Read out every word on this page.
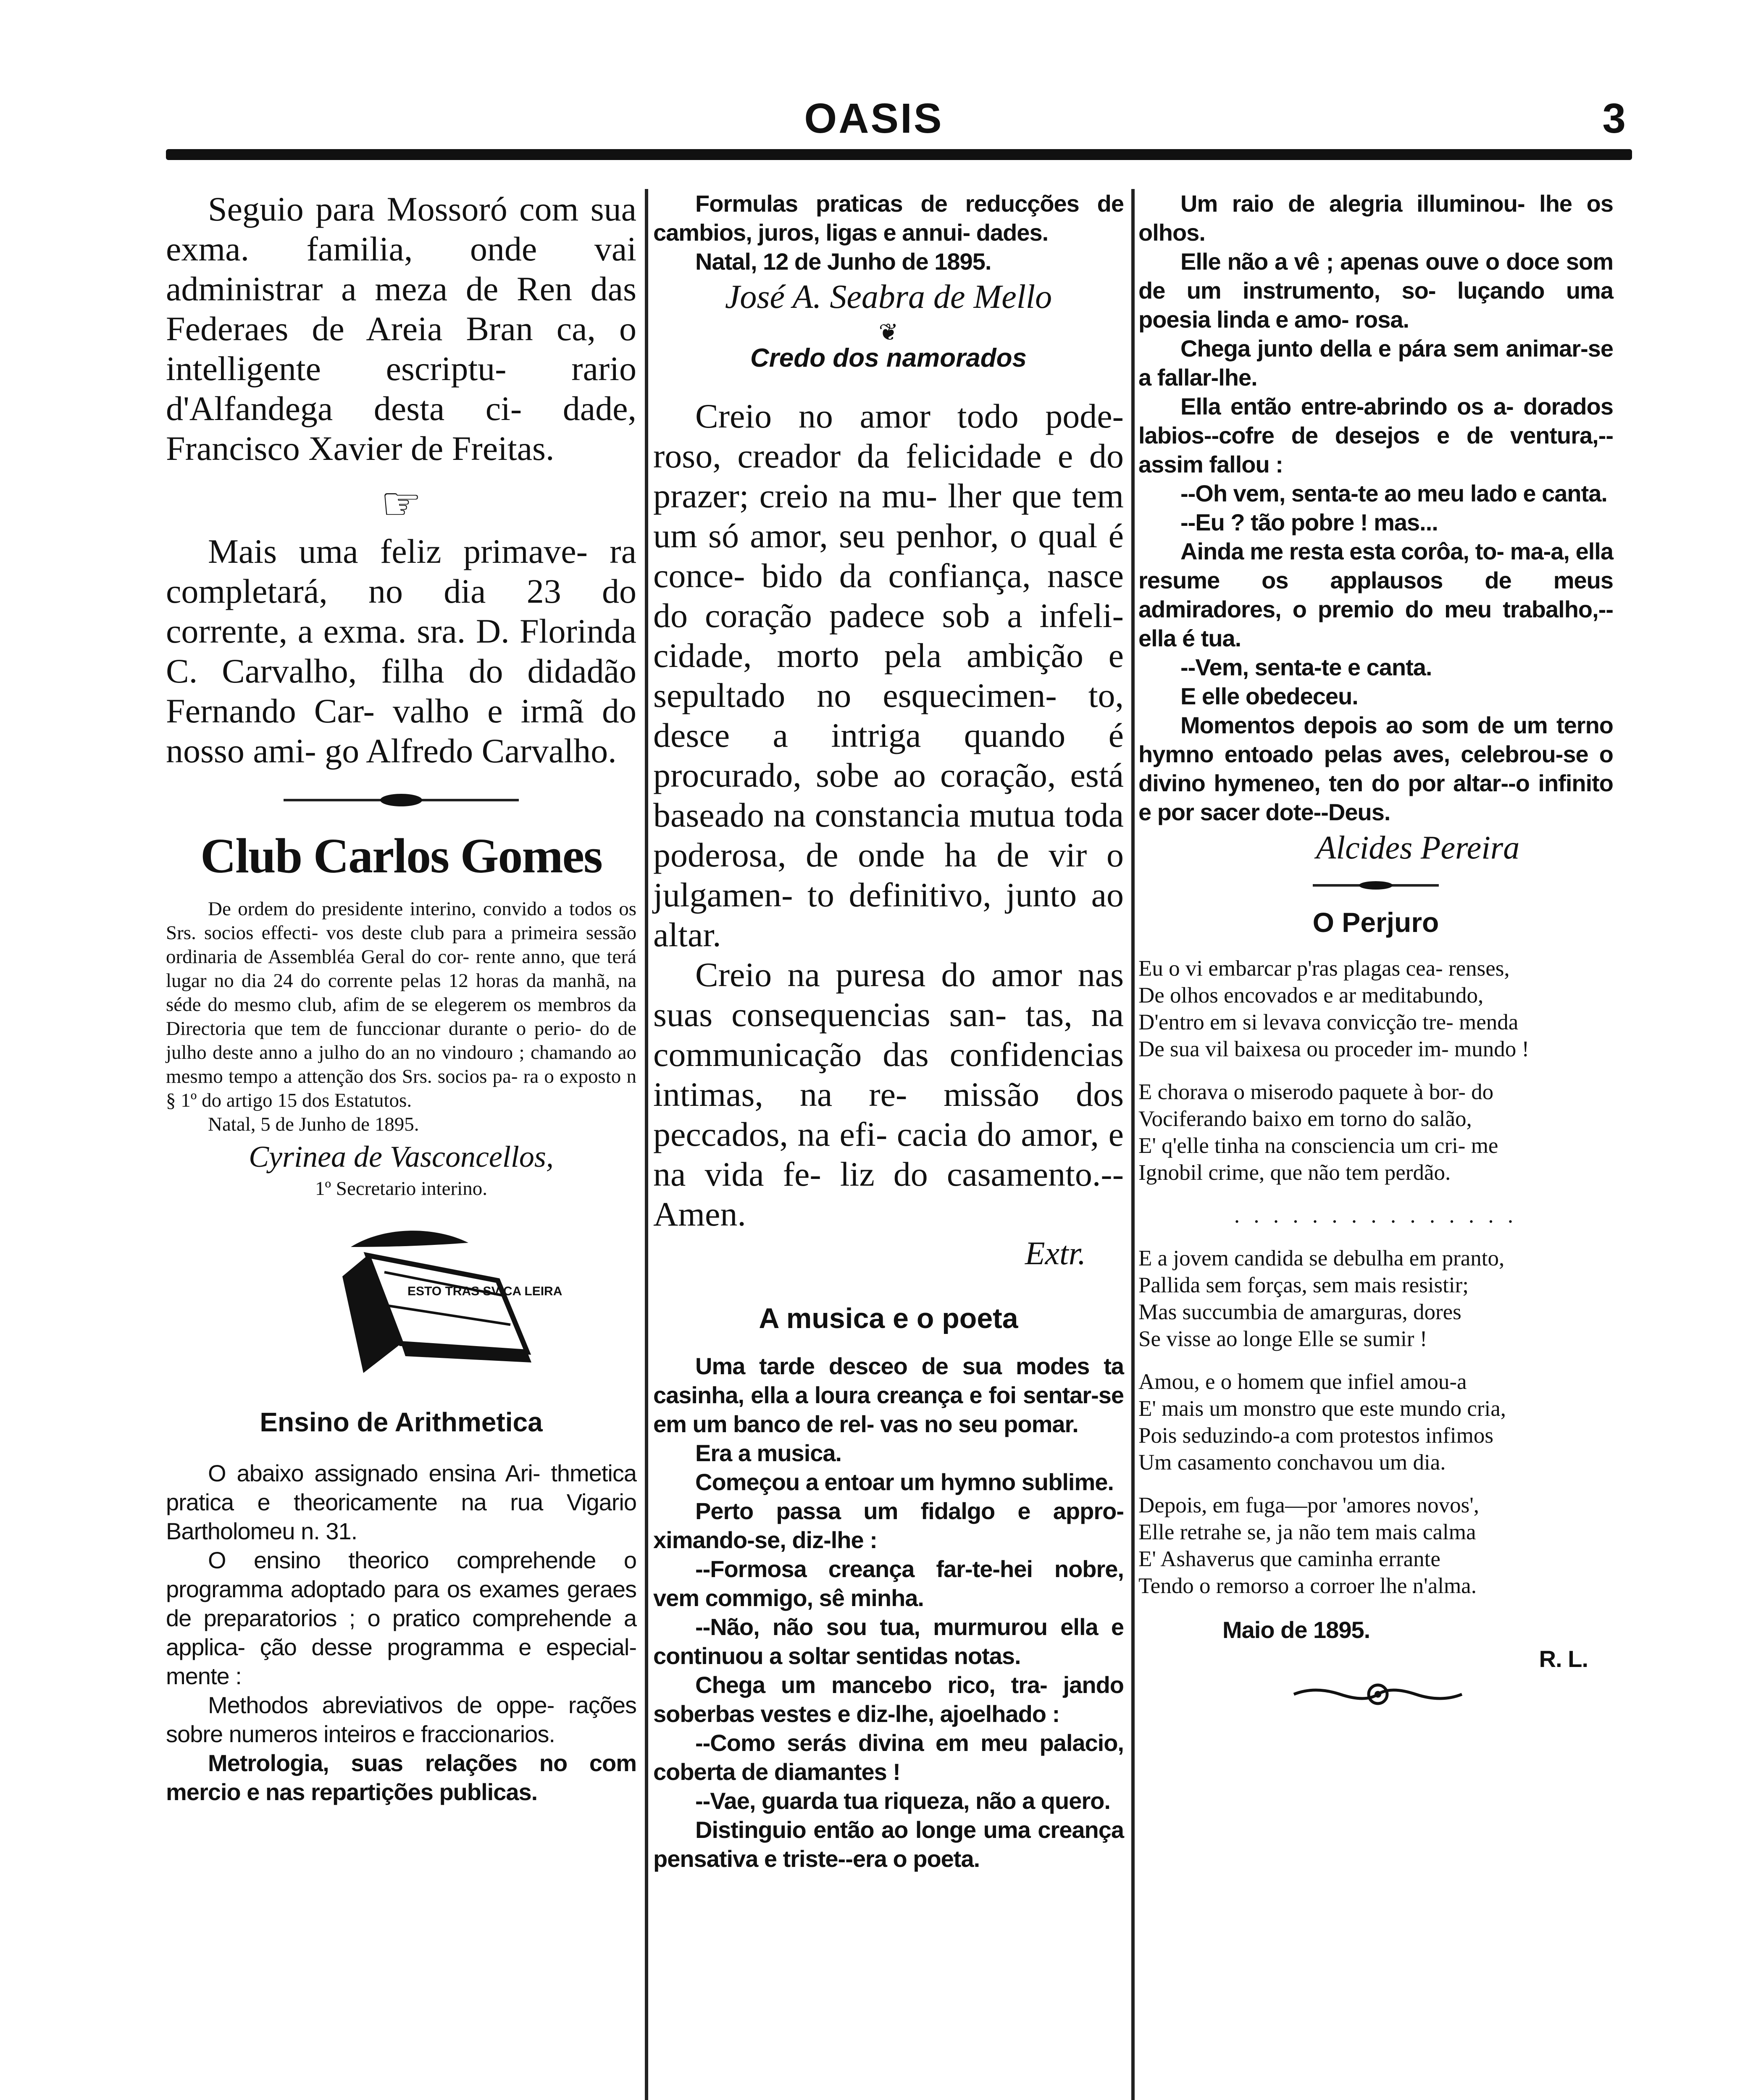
OASIS	3

Seguio para Mossoró com sua exma. familia, onde vai administrar a meza de Ren das Federaes de Areia Bran ca, o intelligente escriptu- rario d'Alfandega desta ci- dade, Francisco Xavier de Freitas.

☞

Mais uma feliz primave- ra completará, no dia 23 do corrente, a exma. sra. D. Florinda C. Carvalho, filha do didadão Fernando Car- valho e irmã do nosso ami- go Alfredo Carvalho.

Club Carlos Gomes

De ordem do presidente interino, convido a todos os Srs. socios effecti- vos deste club para a primeira sessão ordinaria de Assembléa Geral do cor- rente anno, que terá lugar no dia 24 do corrente pelas 12 horas da manhã, na séde do mesmo club, afim de se elegerem os membros da Directoria que tem de funccionar durante o perio- do de julho deste anno a julho do an no vindouro ; chamando ao mesmo tempo a attenção dos Srs. socios pa- ra o exposto n § 1º do artigo 15 dos Estatutos.

Natal, 5 de Junho de 1895.

Cyrinea de Vasconcellos,

1º Secretario interino.

ESTO TRAS SVICA LEIRA

Ensino de Arithmetica

O abaixo assignado ensina Ari- thmetica pratica e theoricamente na rua Vigario Bartholomeu n. 31.

O ensino theorico comprehende o programma adoptado para os exames geraes de preparatorios ; o pratico comprehende a applica- ção desse programma e especial- mente :

Methodos abreviativos de oppe- rações sobre numeros inteiros e fraccionarios.

Metrologia, suas relações no com mercio e nas repartições publicas.

Formulas praticas de reducções de cambios, juros, ligas e annui- dades.

Natal, 12 de Junho de 1895.

José A. Seabra de Mello

❦

Credo dos namorados

Creio no amor todo pode- roso, creador da felicidade e do prazer; creio na mu- lher que tem um só amor, seu penhor, o qual é conce- bido da confiança, nasce do coração padece sob a infeli- cidade, morto pela ambição e sepultado no esquecimen- to, desce a intriga quando é procurado, sobe ao coração, está baseado na constancia mutua toda poderosa, de onde ha de vir o julgamen- to definitivo, junto ao altar.

Creio na puresa do amor nas suas consequencias san- tas, na communicação das confidencias intimas, na re- missão dos peccados, na efi- cacia do amor, e na vida fe- liz do casamento.--Amen.

Extr.

A musica e o poeta

Uma tarde desceo de sua modes ta casinha, ella a loura creança e foi sentar-se em um banco de rel- vas no seu pomar.

Era a musica.

Começou a entoar um hymno sublime.

Perto passa um fidalgo e appro- ximando-se, diz-lhe :

--Formosa creança far-te-hei nobre, vem commigo, sê minha.

--Não, não sou tua, murmurou ella e continuou a soltar sentidas notas.

Chega um mancebo rico, tra- jando soberbas vestes e diz-lhe, ajoelhado :

--Como serás divina em meu palacio, coberta de diamantes !

--Vae, guarda tua riqueza, não a quero.

Distinguio então ao longe uma creança pensativa e triste--era o poeta.

Um raio de alegria illuminou- lhe os olhos.

Elle não a vê ; apenas ouve o doce som de um instrumento, so- luçando uma poesia linda e amo- rosa.

Chega junto della e pára sem animar-se a fallar-lhe.

Ella então entre-abrindo os a- dorados labios--cofre de desejos e de ventura,--assim fallou :

--Oh vem, senta-te ao meu lado e canta.

--Eu ? tão pobre ! mas...

Ainda me resta esta corôa, to- ma-a, ella resume os applausos de meus admiradores, o premio do meu trabalho,--ella é tua.

--Vem, senta-te e canta.

E elle obedeceu.

Momentos depois ao som de um terno hymno entoado pelas aves, celebrou-se o divino hymeneo, ten do por altar--o infinito e por sacer dote--Deus.

Alcides Pereira

O Perjuro

Eu o vi embarcar p'ras plagas cea- renses,

De olhos encovados e ar meditabundo,

D'entro em si levava convicção tre- menda

De sua vil baixesa ou proceder im- mundo !

E chorava o miserodo paquete à bor- do

Vociferando baixo em torno do salão,

E' q'elle tinha na consciencia um cri- me

Ignobil crime, que não tem perdão.

. . . . . . . . . . . . . . .

E a jovem candida se debulha em pranto,

Pallida sem forças, sem mais resistir;

Mas succumbia de amarguras, dores

Se visse ao longe Elle se sumir !

Amou, e o homem que infiel amou-a

E' mais um monstro que este mundo cria,

Pois seduzindo-a com protestos infimos

Um casamento conchavou um dia.

Depois, em fuga—por 'amores novos',

Elle retrahe se, ja não tem mais calma

E' Ashaverus que caminha errante

Tendo o remorso a corroer lhe n'alma.

Maio de 1895.

R. L.
